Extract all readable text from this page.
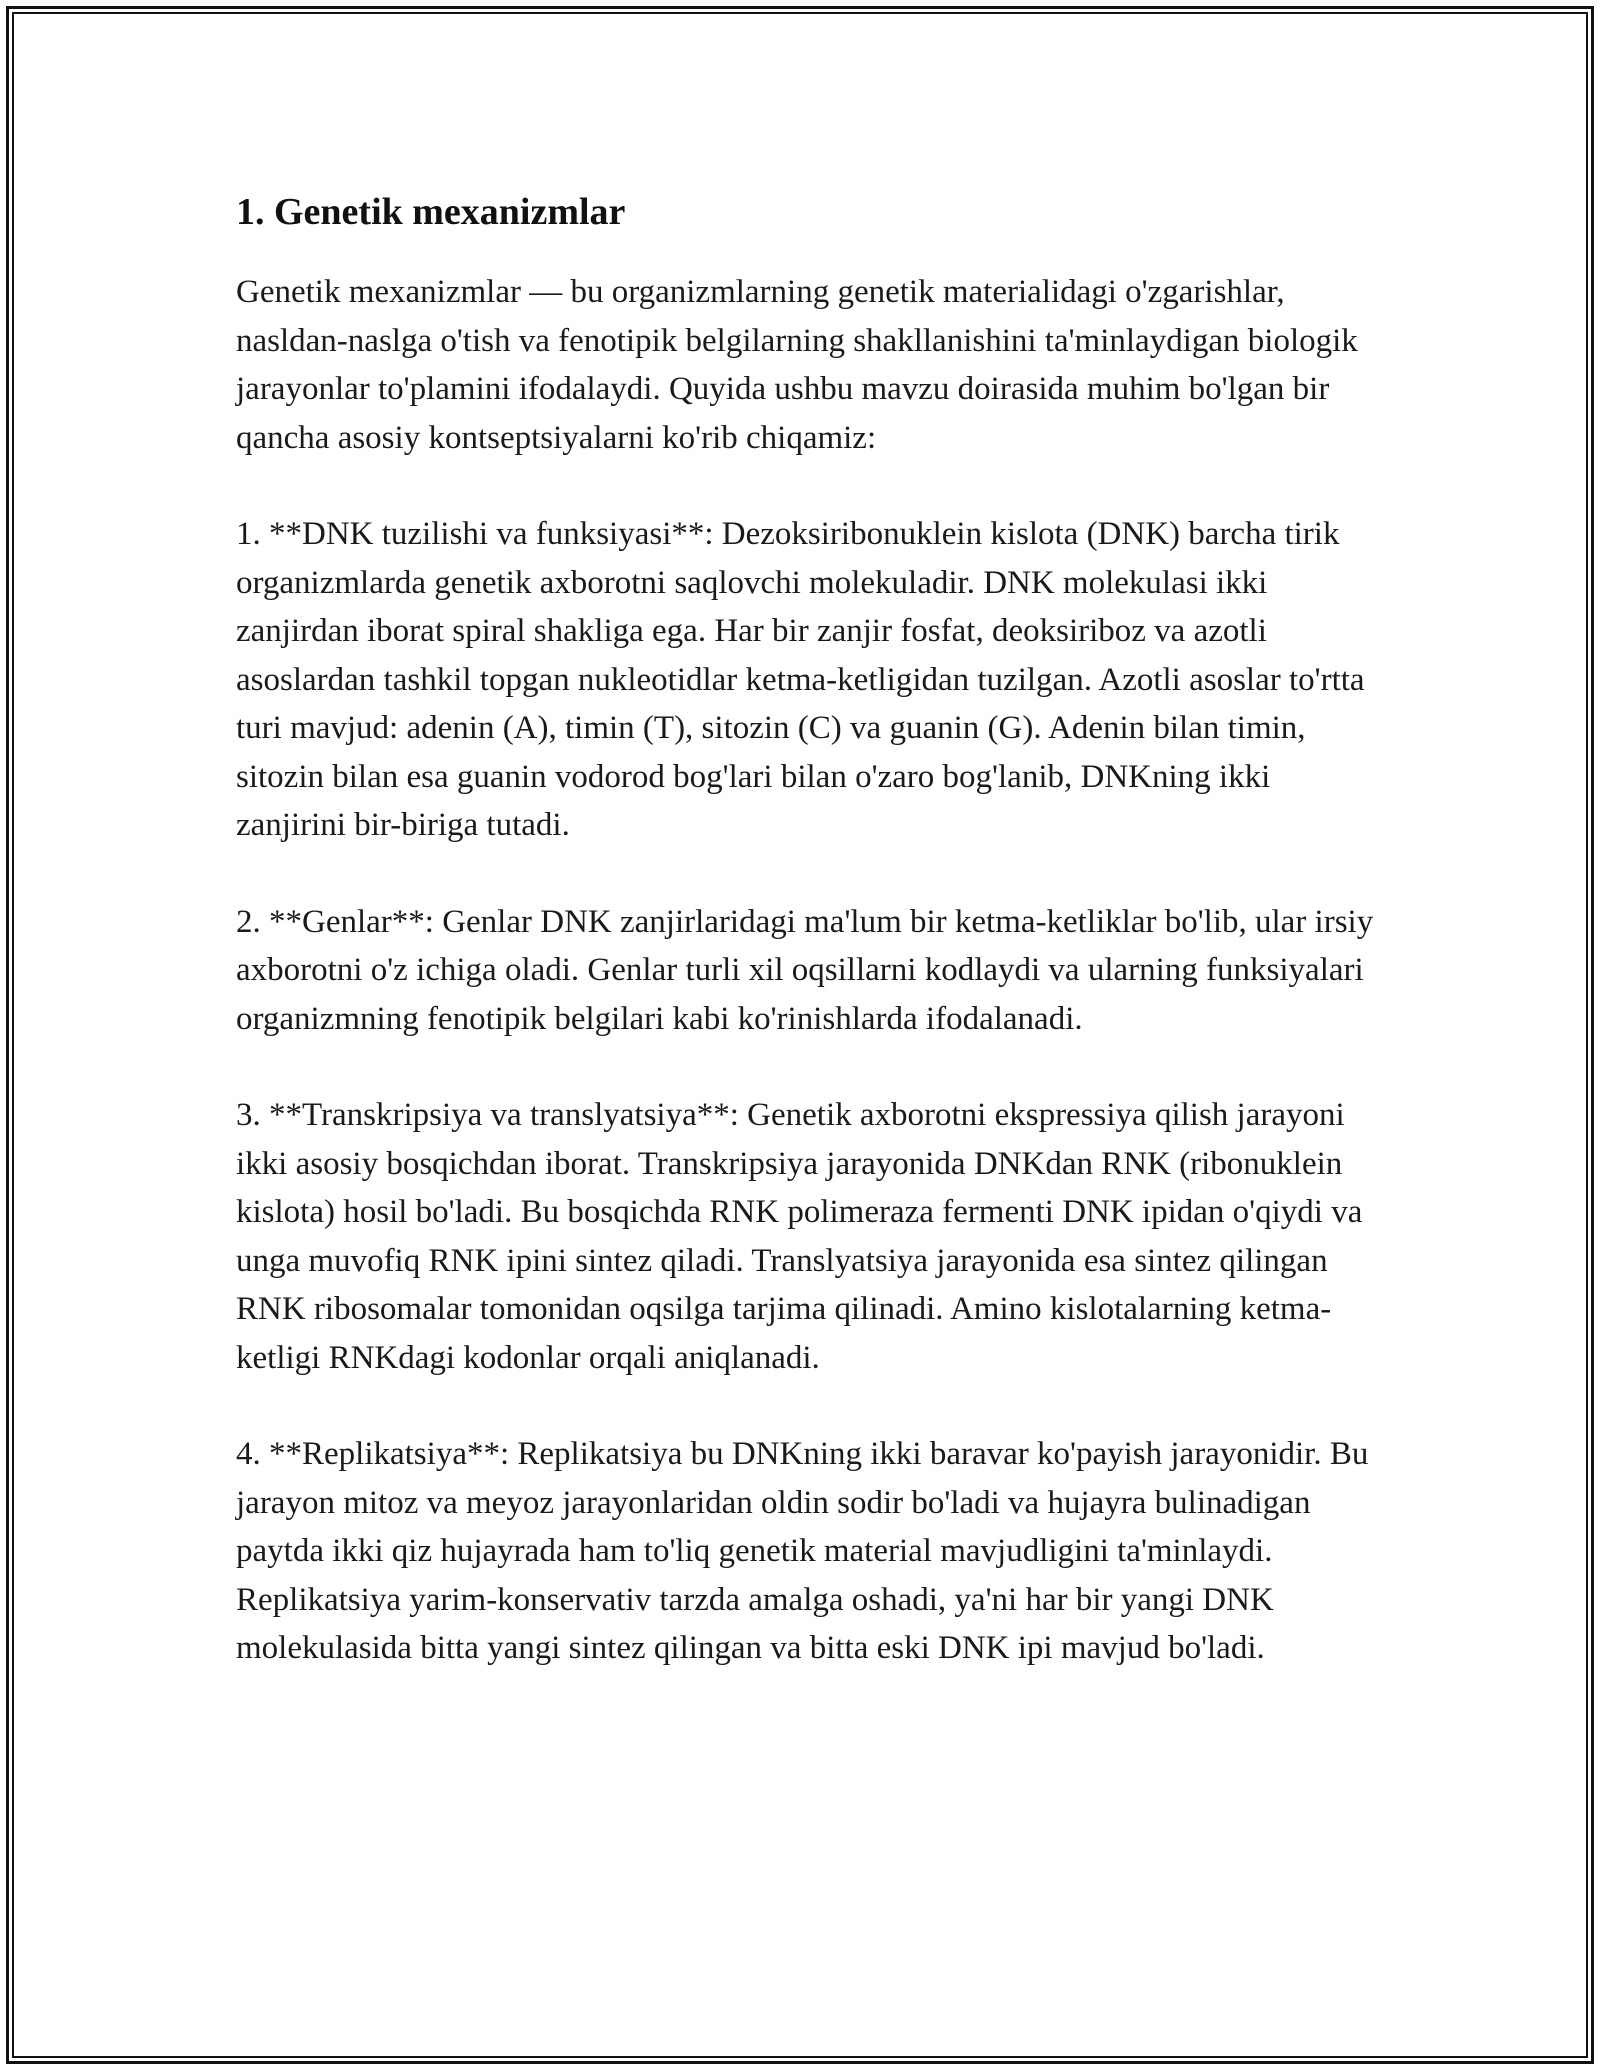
1. Genetik mexanizmlar

Genetik mexanizmlar — bu organizmlarning genetik materialidagi o'zgarishlar, nasldan-naslga o'tish va fenotipik belgilarning shakllanishini ta'minlaydigan biologik jarayonlar to'plamini ifodalaydi. Quyida ushbu mavzu doirasida muhim bo'lgan bir qancha asosiy kontseptsiyalarni ko'rib chiqamiz:

1. **DNK tuzilishi va funksiyasi**: Dezoksiribonuklein kislota (DNK) barcha tirik organizmlarda genetik axborotni saqlovchi molekuladir. DNK molekulasi ikki zanjirdan iborat spiral shakliga ega. Har bir zanjir fosfat, deoksiriboz va azotli asoslardan tashkil topgan nukleotidlar ketma-ketligidan tuzilgan. Azotli asoslar to'rtta turi mavjud: adenin (A), timin (T), sitozin (C) va guanin (G). Adenin bilan timin, sitozin bilan esa guanin vodorod bog'lari bilan o'zaro bog'lanib, DNKning ikki zanjirini bir-biriga tutadi.

2. **Genlar**: Genlar DNK zanjirlaridagi ma'lum bir ketma-ketliklar bo'lib, ular irsiy axborotni o'z ichiga oladi. Genlar turli xil oqsillarni kodlaydi va ularning funksiyalari organizmning fenotipik belgilari kabi ko'rinishlarda ifodalanadi.

3. **Transkripsiya va translyatsiya**: Genetik axborotni ekspressiya qilish jarayoni ikki asosiy bosqichdan iborat. Transkripsiya jarayonida DNKdan RNK (ribonuklein kislota) hosil bo'ladi. Bu bosqichda RNK polimeraza fermenti DNK ipidan o'qiydi va unga muvofiq RNK ipini sintez qiladi. Translyatsiya jarayonida esa sintez qilingan RNK ribosomalar tomonidan oqsilga tarjima qilinadi. Amino kislotalarning ketma-ketligi RNKdagi kodonlar orqali aniqlanadi.

4. **Replikatsiya**: Replikatsiya bu DNKning ikki baravar ko'payish jarayonidir. Bu jarayon mitoz va meyoz jarayonlaridan oldin sodir bo'ladi va hujayra bulinadigan paytda ikki qiz hujayrada ham to'liq genetik material mavjudligini ta'minlaydi. Replikatsiya yarim-konservativ tarzda amalga oshadi, ya'ni har bir yangi DNK molekulasida bitta yangi sintez qilingan va bitta eski DNK ipi mavjud bo'ladi.
